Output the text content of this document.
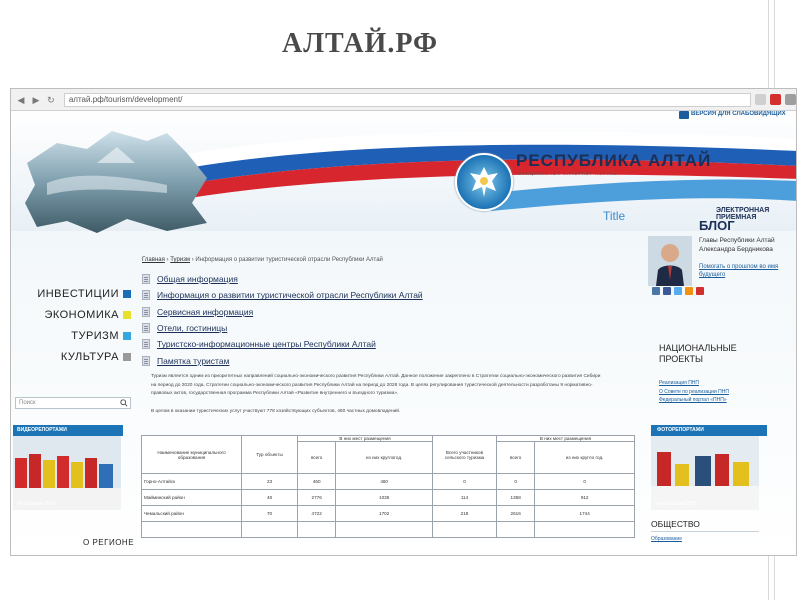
АЛТАЙ.РФ
◀ ▶ ↻	алтай.рф/tourism/development/
ВЕРСИЯ ДЛЯ СЛАБОВИДЯЩИХ
РЕСПУБЛИКА АЛТАЙ
ОФИЦИАЛЬНЫЙ ИНТЕРНЕТ-ПОРТАЛ
ЭЛЕКТРОННАЯ ПРИЕМНАЯ
Title
ИНВЕСТИЦИИ
ЭКОНОМИКА
ТУРИЗМ
КУЛЬТУРА
Поиск
Главная › Туризм › Информация о развитии туристической отрасли Республики Алтай
Общая информация
Информация о развитии туристической отрасли Республики Алтай
Сервисная информация
Отели, гостиницы
Туристско-информационные центры Республики Алтай
Памятка туристам
БЛОГ
Главы Республики Алтай
Александра Бердникова
Помогать о прошлом во имя будущего
НАЦИОНАЛЬНЫЕ ПРОЕКТЫ
Реализация ПНП
О Совете по реализации ПНП
Федеральный портал «ПНП»
Туризм является одним из приоритетных направлений социально-экономического развития Республики Алтай. Данное положение закреплено в Стратегии социально-экономического развития Сибири на период до 2020 года, Стратегии социально-экономического развития Республики Алтай на период до 2028 года. В целях регулирования туристической деятельности разработаны 9 нормативно-правовых актов, государственная программа Республики Алтай «Развитие внутреннего и въездного туризма».
В целом в оказании туристических услуг участвуют 778 хозяйствующих субъектов, 460 частных домовладений.
ВИДЕОРЕПОРТАЖИ
Эл Байрам 2016
О РЕГИОНЕ
ФОТОРЕПОРТАЖИ
Чага Байрам 2016
ОБЩЕСТВО
Образование
Наименование муниципального образования	Тур объекты	В них мест размещения		Всего участников сельского туризма	В них мест размещения	
		всего	из них круглогод.		всего	из них кругло год.
Горно-Алтайск	23	460	460	0	0	0
Майминский район	48	2776	1035	114	1368	912
Чемальский район	70	4722	1702	218	2616	1744
